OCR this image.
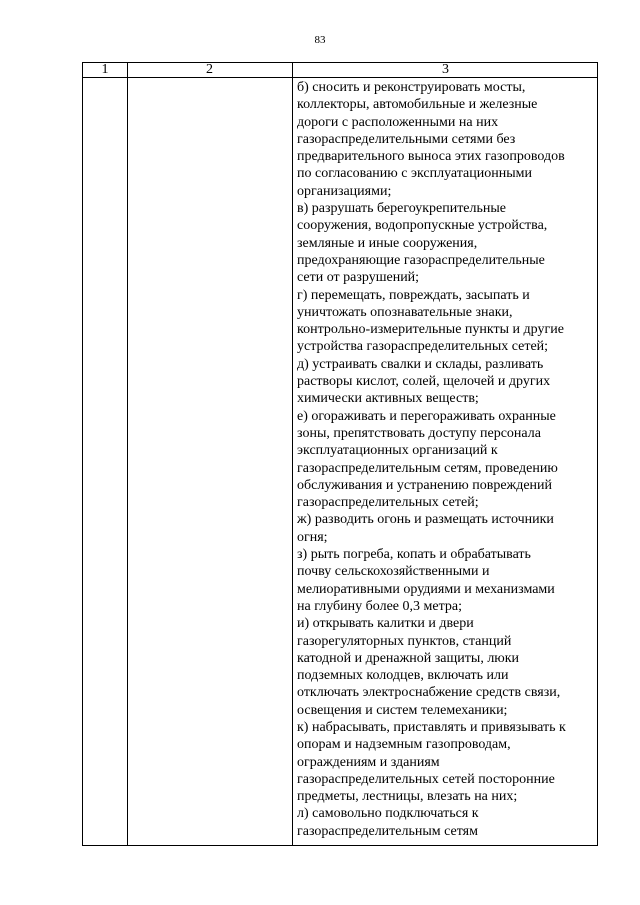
83
1	2	3
б) сносить и реконструировать мосты,
коллекторы, автомобильные и железные
дороги с расположенными на них
газораспределительными сетями без
предварительного выноса этих газопроводов
по согласованию с эксплуатационными
организациями;
в) разрушать берегоукрепительные
сооружения, водопропускные устройства,
земляные и иные сооружения,
предохраняющие газораспределительные
сети от разрушений;
г) перемещать, повреждать, засыпать и
уничтожать опознавательные знаки,
контрольно-измерительные пункты и другие
устройства газораспределительных сетей;
д) устраивать свалки и склады, разливать
растворы кислот, солей, щелочей и других
химически активных веществ;
е) огораживать и перегораживать охранные
зоны, препятствовать доступу персонала
эксплуатационных организаций к
газораспределительным сетям, проведению
обслуживания и устранению повреждений
газораспределительных сетей;
ж) разводить огонь и размещать источники
огня;
з) рыть погреба, копать и обрабатывать
почву сельскохозяйственными и
мелиоративными орудиями и механизмами
на глубину более 0,3 метра;
и) открывать калитки и двери
газорегуляторных пунктов, станций
катодной и дренажной защиты, люки
подземных колодцев, включать или
отключать электроснабжение средств связи,
освещения и систем телемеханики;
к) набрасывать, приставлять и привязывать к
опорам и надземным газопроводам,
ограждениям и зданиям
газораспределительных сетей посторонние
предметы, лестницы, влезать на них;
л) самовольно подключаться к
газораспределительным сетям
